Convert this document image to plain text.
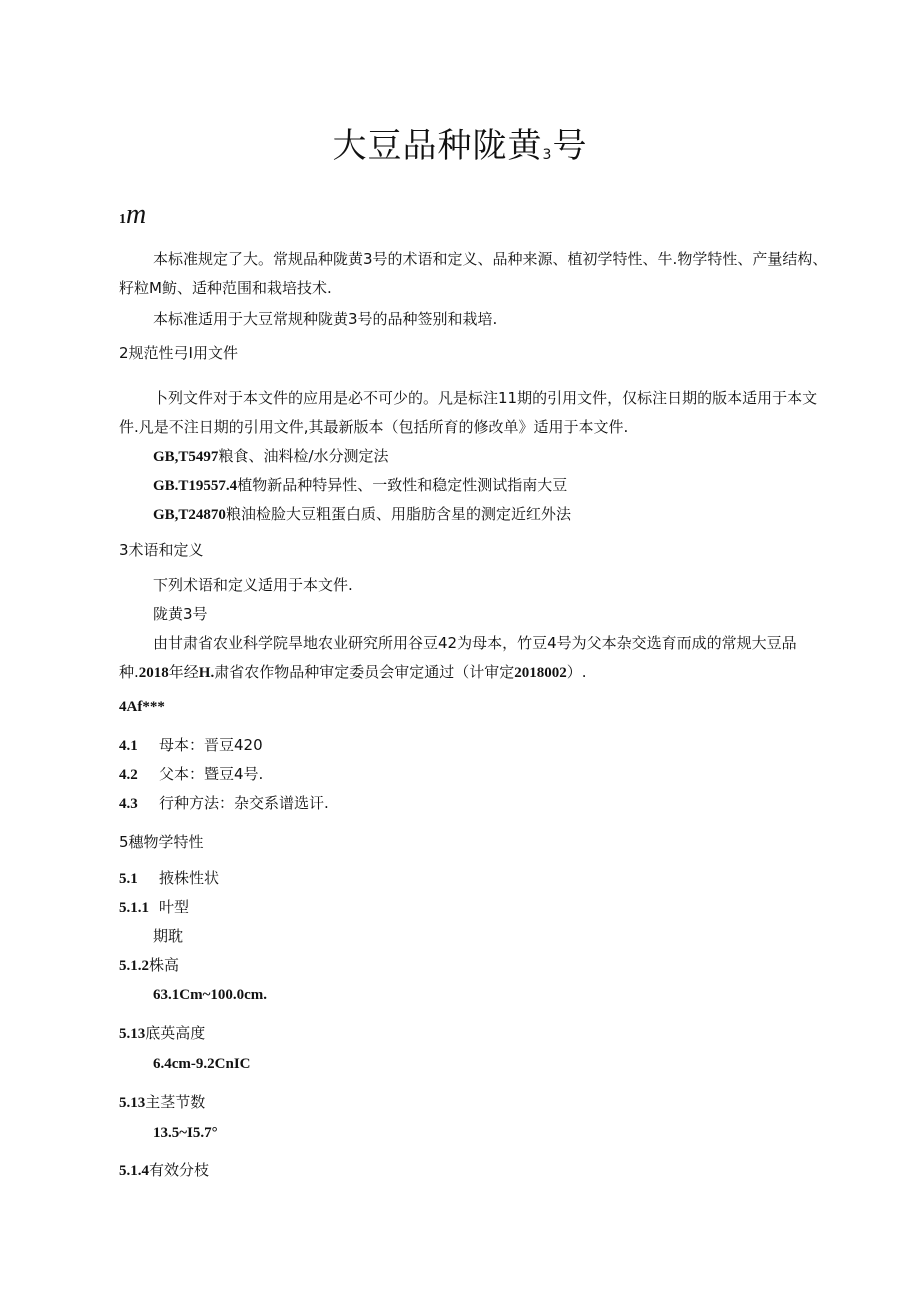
大豆品种陇黄3号
1m
本标准规定了大。常规品种陇黄3号的术语和定义、品种来源、植初学特性、牛.物学特性、产量结构、
籽粒M鲂、适种范围和栽培技术.
本标准适用于大豆常规种陇黄3号的品种签别和栽培.
2规范性弓I用文件
卜列文件对于本文件的应用是必不可少的。凡是标注11期的引用文件，仅标注日期的版本适用于本文
件.凡是不注日期的引用文件,其最新版本（包括所育的修改单》适用于本文件.
GB,T5497粮食、油料检/水分测定法
GB.T19557.4植物新品种特异性、一致性和稳定性测试指南大豆
GB,T24870粮油检脸大豆粗蛋白质、用脂肪含星的测定近红外法
3术语和定义
下列术语和定义适用于本文件.
陇黄3号
由甘肃省农业科学院旱地农业研究所用谷豆42为母本，竹豆4号为父本杂交选育而成的常规大豆品
种.2018年经H.肃省农作物品种审定委员会审定通过（计审定2018002）.
4Af***
4.1 母本：晋豆420
4.2 父本：暨豆4号.
4.3 行种方法：杂交系谱选讦.
5穗物学特性
5.1 掖株性状
5.1.1 叶型
期耽
5.1.2株高
63.1Cm~100.0cm.
5.13底英高度
6.4cm-9.2CnIC
5.13主茎节数
13.5~I5.7°
5.1.4有效分枝
